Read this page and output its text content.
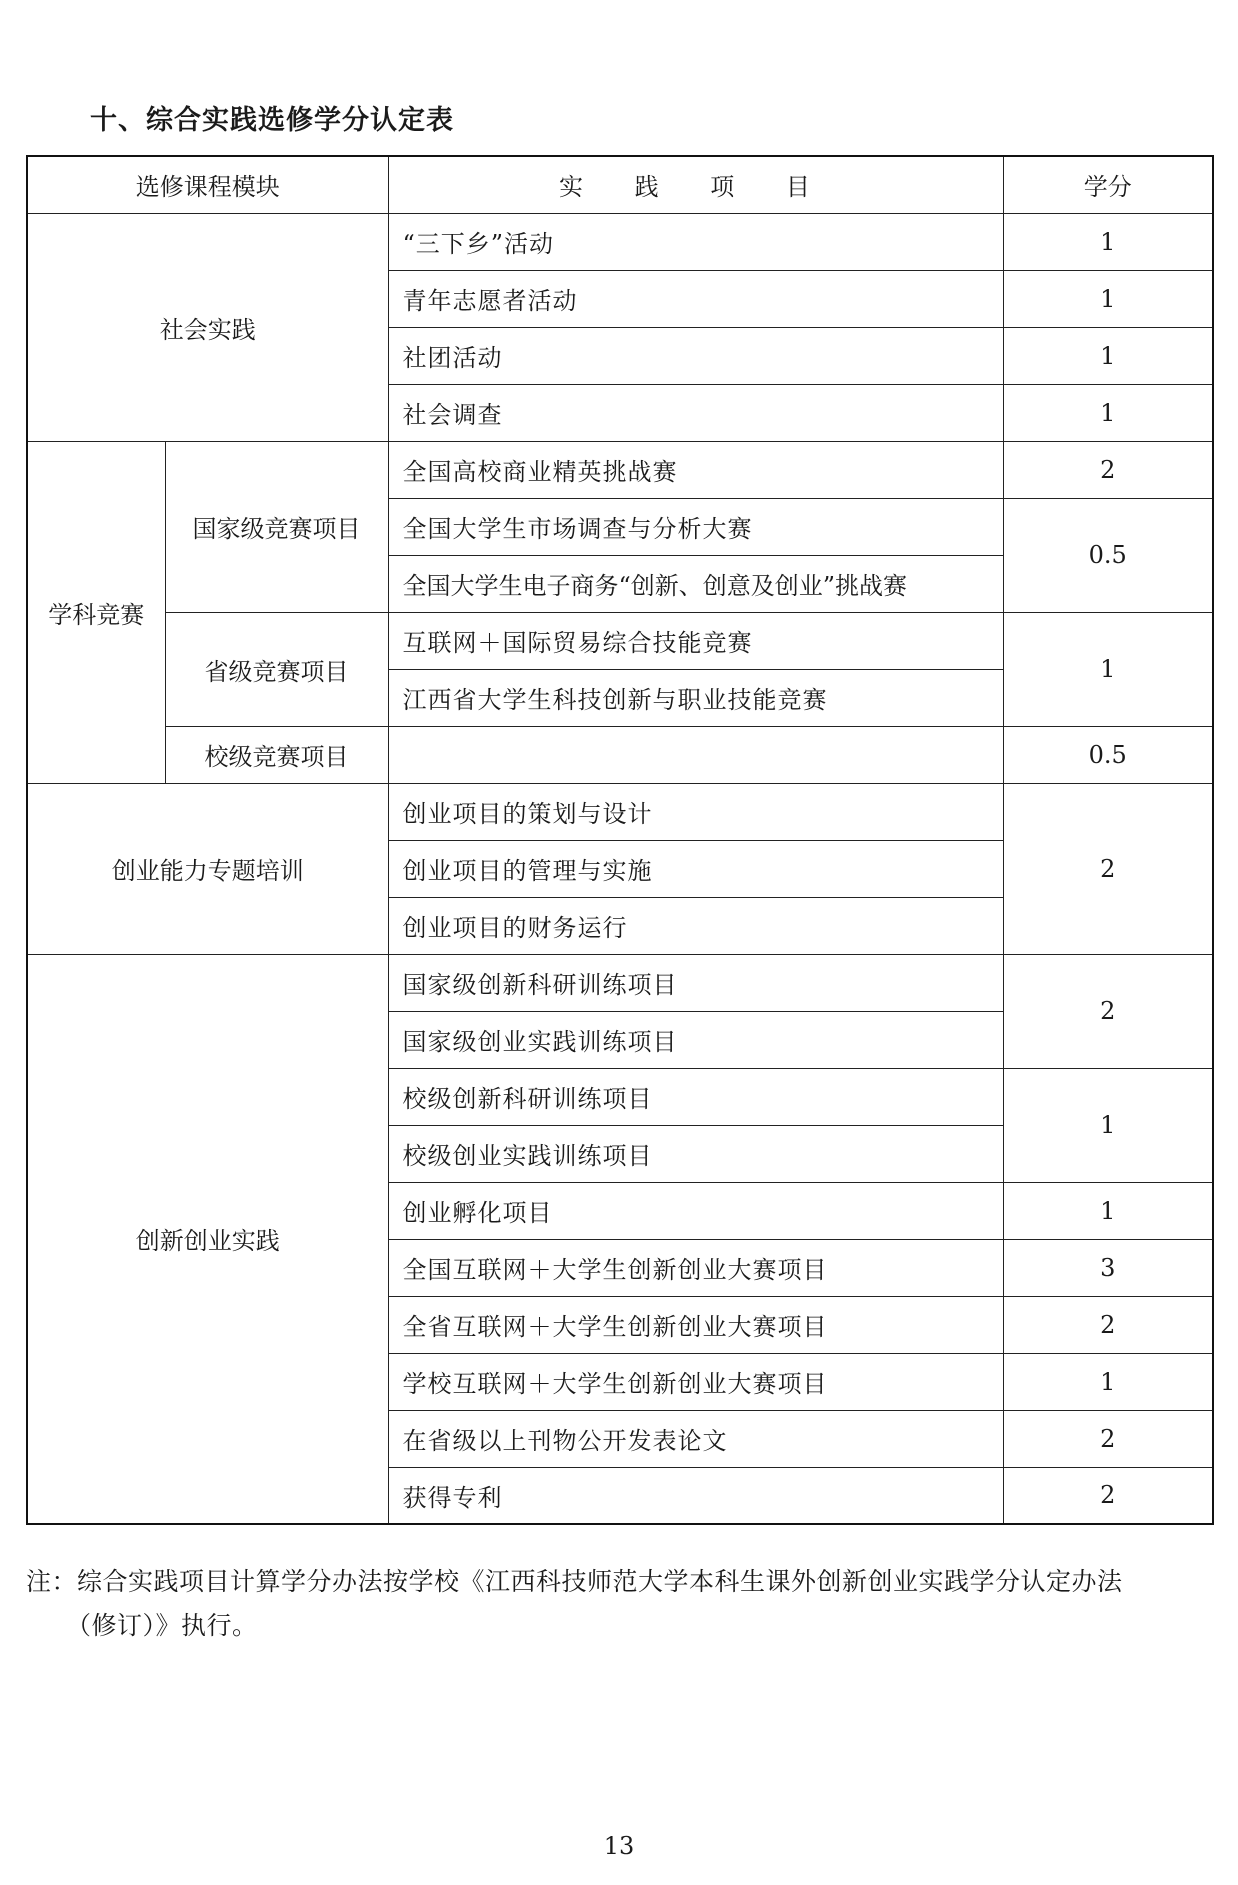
十、综合实践选修学分认定表
选修课程模块		实 践 项 目	学分
社会实践		“三下乡”活动	1
		青年志愿者活动	1
		社团活动	1
		社会调查	1
学科竞赛	国家级竞赛项目	全国高校商业精英挑战赛	2
		全国大学生市场调查与分析大赛	0.5
		全国大学生电子商务“创新、创意及创业”挑战赛	
	省级竞赛项目	互联网＋国际贸易综合技能竞赛	1
		江西省大学生科技创新与职业技能竞赛	
	校级竞赛项目		0.5
创业能力专题培训		创业项目的策划与设计	2
		创业项目的管理与实施	
		创业项目的财务运行	
创新创业实践		国家级创新科研训练项目	2
		国家级创业实践训练项目	
		校级创新科研训练项目	1
		校级创业实践训练项目	
		创业孵化项目	1
		全国互联网＋大学生创新创业大赛项目	3
		全省互联网＋大学生创新创业大赛项目	2
		学校互联网＋大学生创新创业大赛项目	1
		在省级以上刊物公开发表论文	2
		获得专利	2

注：综合实践项目计算学分办法按学校《江西科技师范大学本科生课外创新创业实践学分认定办法
（修订）》执行。

13
